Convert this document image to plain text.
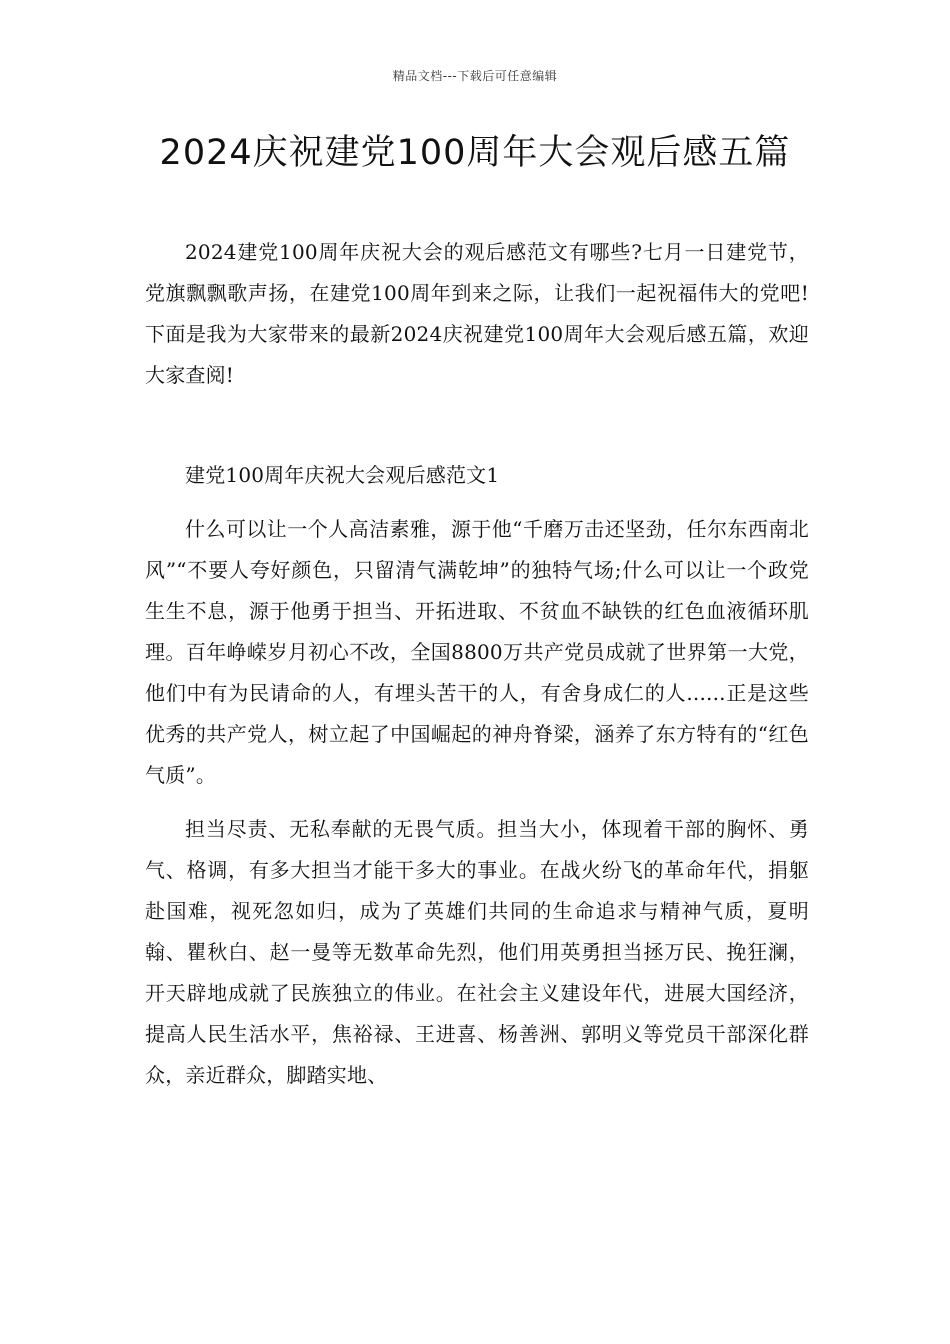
精品文档---下载后可任意编辑
2024庆祝建党100周年大会观后感五篇

2024建党100周年庆祝大会的观后感范文有哪些?七月一日建党节，党旗飘飘歌声扬，在建党100周年到来之际，让我们一起祝福伟大的党吧!下面是我为大家带来的最新2024庆祝建党100周年大会观后感五篇，欢迎大家查阅!

建党100周年庆祝大会观后感范文1

什么可以让一个人高洁素雅，源于他“千磨万击还坚劲，任尔东西南北风”“不要人夸好颜色，只留清气满乾坤”的独特气场;什么可以让一个政党生生不息，源于他勇于担当、开拓进取、不贫血不缺铁的红色血液循环肌理。百年峥嵘岁月初心不改，全国8800万共产党员成就了世界第一大党，他们中有为民请命的人，有埋头苦干的人，有舍身成仁的人......正是这些优秀的共产党人，树立起了中国崛起的神舟脊梁，涵养了东方特有的“红色气质”。

担当尽责、无私奉献的无畏气质。担当大小，体现着干部的胸怀、勇气、格调，有多大担当才能干多大的事业。在战火纷飞的革命年代，捐躯赴国难，视死忽如归，成为了英雄们共同的生命追求与精神气质，夏明翰、瞿秋白、赵一曼等无数革命先烈，他们用英勇担当拯万民、挽狂澜，开天辟地成就了民族独立的伟业。在社会主义建设年代，进展大国经济，提高人民生活水平，焦裕禄、王进喜、杨善洲、郭明义等党员干部深化群众，亲近群众，脚踏实地、
